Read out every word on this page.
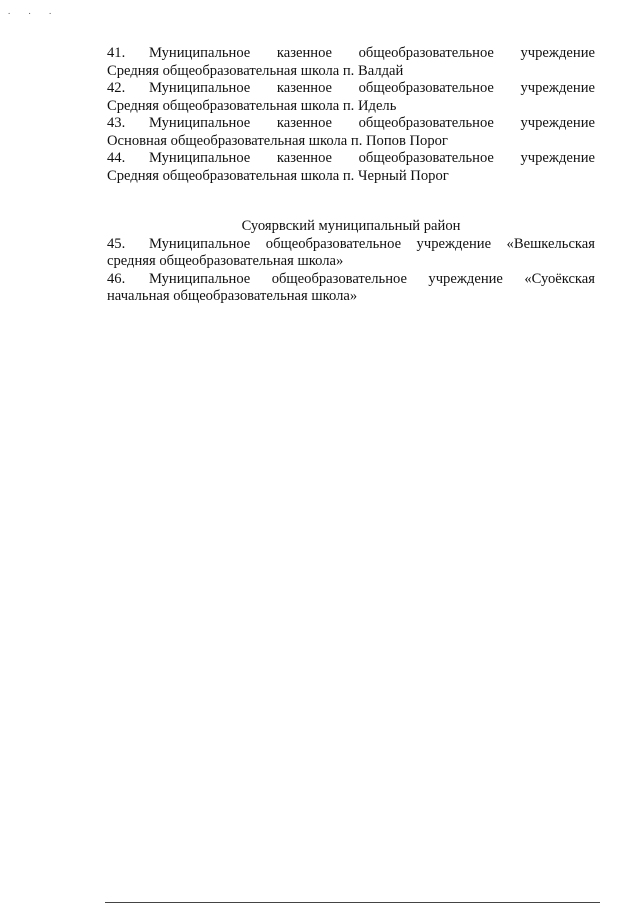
. . .
41. Муниципальное казенное общеобразовательное учреждение
Средняя общеобразовательная школа п. Валдай
42. Муниципальное казенное общеобразовательное учреждение
Средняя общеобразовательная школа п. Идель
43. Муниципальное казенное общеобразовательное учреждение
Основная общеобразовательная школа п. Попов Порог
44. Муниципальное казенное общеобразовательное учреждение
Средняя общеобразовательная школа п. Черный Порог
Суоярвский муниципальный район
45. Муниципальное общеобразовательное учреждение «Вешкельская
средняя общеобразовательная школа»
46. Муниципальное общеобразовательное учреждение «Суоёкская
начальная общеобразовательная школа»
